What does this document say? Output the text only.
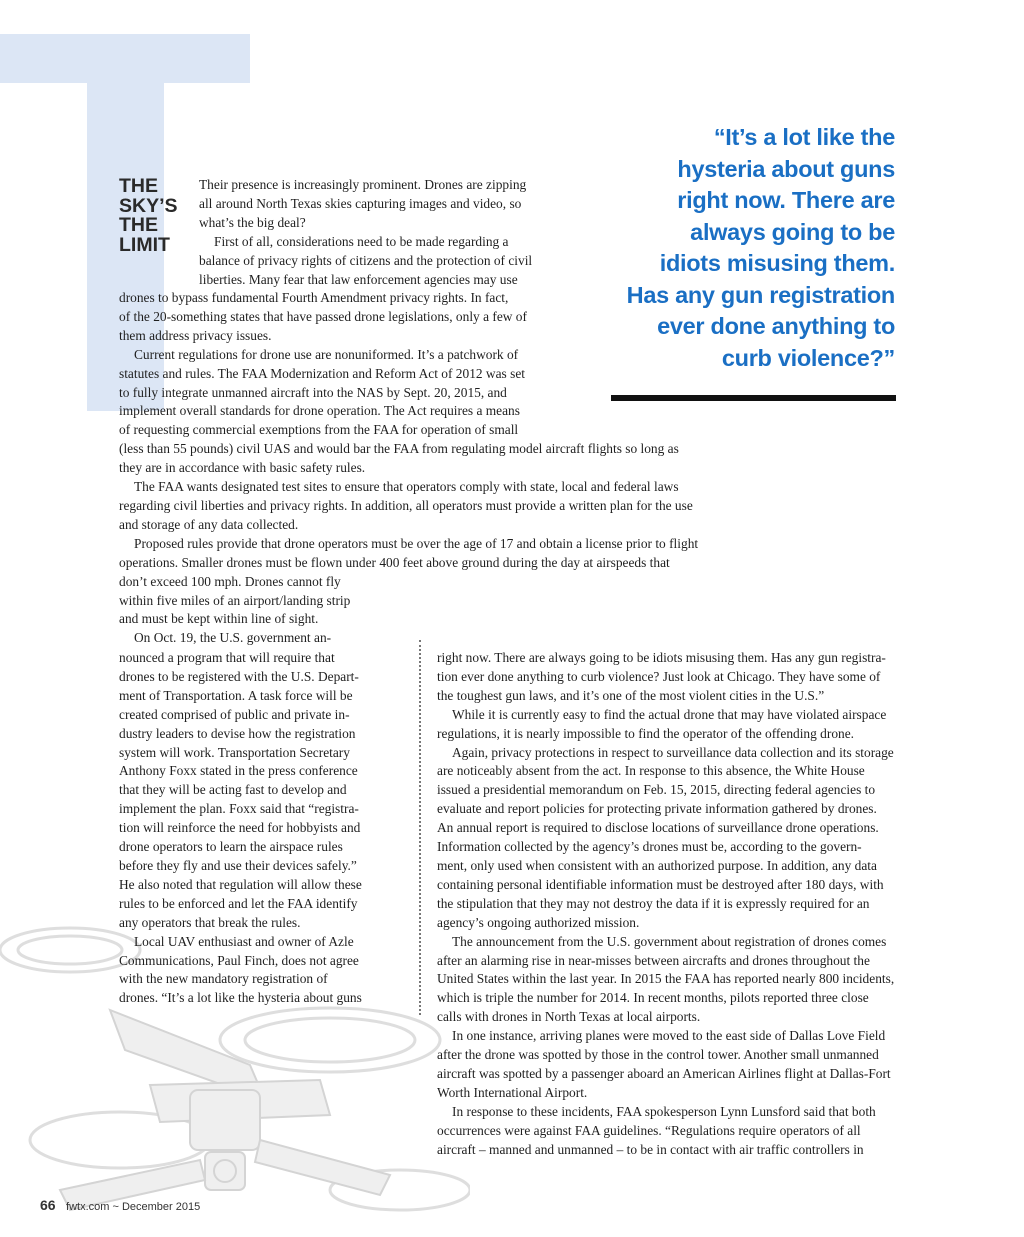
THE
SKY’S
THE
LIMIT
Their presence is increasingly prominent. Drones are zipping
all around North Texas skies capturing images and video, so
what’s the big deal?
First of all, considerations need to be made regarding a
balance of privacy rights of citizens and the protection of civil
liberties. Many fear that law enforcement agencies may use
drones to bypass fundamental Fourth Amendment privacy rights. In fact,
of the 20-something states that have passed drone legislations, only a few of
them address privacy issues.
Current regulations for drone use are nonuniformed. It’s a patchwork of
statutes and rules. The FAA Modernization and Reform Act of 2012 was set
to fully integrate unmanned aircraft into the NAS by Sept. 20, 2015, and
implement overall standards for drone operation. The Act requires a means
of requesting commercial exemptions from the FAA for operation of small
(less than 55 pounds) civil UAS and would bar the FAA from regulating model aircraft flights so long as
they are in accordance with basic safety rules.
The FAA wants designated test sites to ensure that operators comply with state, local and federal laws
regarding civil liberties and privacy rights. In addition, all operators must provide a written plan for the use
and storage of any data collected.
Proposed rules provide that drone operators must be over the age of 17 and obtain a license prior to flight
operations. Smaller drones must be flown under 400 feet above ground during the day at airspeeds that
don’t exceed 100 mph. Drones cannot fly
within five miles of an airport/landing strip
and must be kept within line of sight.
On Oct. 19, the U.S. government an-
nounced a program that will require that
drones to be registered with the U.S. Depart-
ment of Transportation. A task force will be
created comprised of public and private in-
dustry leaders to devise how the registration
system will work. Transportation Secretary
Anthony Foxx stated in the press conference
that they will be acting fast to develop and
implement the plan. Foxx said that “registra-
tion will reinforce the need for hobbyists and
drone operators to learn the airspace rules
before they fly and use their devices safely.”
He also noted that regulation will allow these
rules to be enforced and let the FAA identify
any operators that break the rules.
Local UAV enthusiast and owner of Azle
Communications, Paul Finch, does not agree
with the new mandatory registration of
drones. “It’s a lot like the hysteria about guns
right now. There are always going to be idiots misusing them. Has any gun registra-
tion ever done anything to curb violence? Just look at Chicago. They have some of
the toughest gun laws, and it’s one of the most violent cities in the U.S.”
While it is currently easy to find the actual drone that may have violated airspace
regulations, it is nearly impossible to find the operator of the offending drone.
Again, privacy protections in respect to surveillance data collection and its storage
are noticeably absent from the act. In response to this absence, the White House
issued a presidential memorandum on Feb. 15, 2015, directing federal agencies to
evaluate and report policies for protecting private information gathered by drones.
An annual report is required to disclose locations of surveillance drone operations.
Information collected by the agency’s drones must be, according to the govern-
ment, only used when consistent with an authorized purpose. In addition, any data
containing personal identifiable information must be destroyed after 180 days, with
the stipulation that they may not destroy the data if it is expressly required for an
agency’s ongoing authorized mission.
The announcement from the U.S. government about registration of drones comes
after an alarming rise in near-misses between aircrafts and drones throughout the
United States within the last year. In 2015 the FAA has reported nearly 800 incidents,
which is triple the number for 2014. In recent months, pilots reported three close
calls with drones in North Texas at local airports.
In one instance, arriving planes were moved to the east side of Dallas Love Field
after the drone was spotted by those in the control tower. Another small unmanned
aircraft was spotted by a passenger aboard an American Airlines flight at Dallas-Fort
Worth International Airport.
In response to these incidents, FAA spokesperson Lynn Lunsford said that both
occurrences were against FAA guidelines. “Regulations require operators of all
aircraft – manned and unmanned – to be in contact with air traffic controllers in
“It’s a lot like the
hysteria about guns
right now. There are
always going to be
idiots misusing them.
Has any gun registration
ever done anything to
curb violence?”
66 fwtx.com ~ December 2015
